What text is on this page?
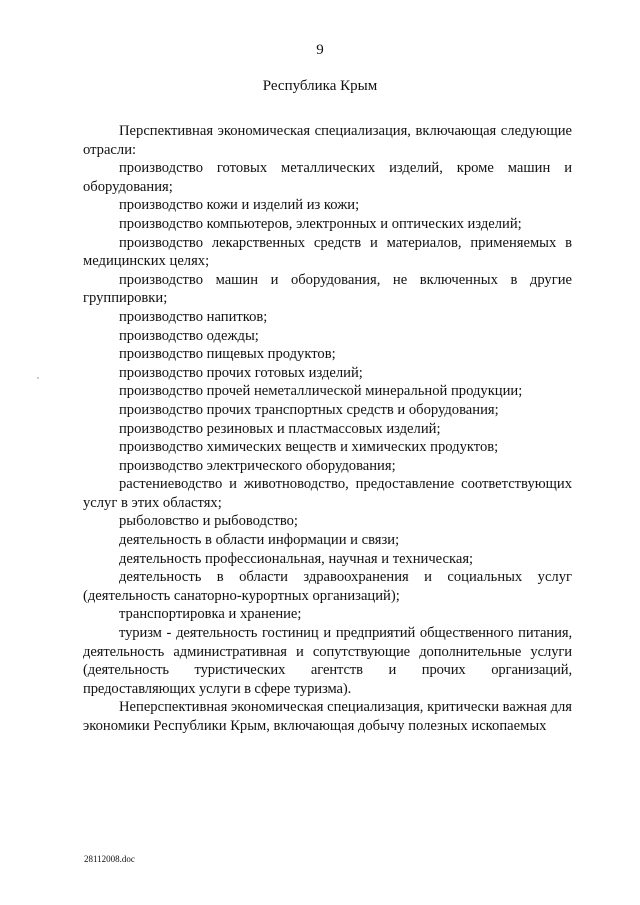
9
Республика Крым

Перспективная экономическая специализация, включающая следующие отрасли:

производство готовых металлических изделий, кроме машин и оборудования;

производство кожи и изделий из кожи;

производство компьютеров, электронных и оптических изделий;

производство лекарственных средств и материалов, применяемых в медицинских целях;

производство машин и оборудования, не включенных в другие группировки;

производство напитков;

производство одежды;

производство пищевых продуктов;

производство прочих готовых изделий;

производство прочей неметаллической минеральной продукции;

производство прочих транспортных средств и оборудования;

производство резиновых и пластмассовых изделий;

производство химических веществ и химических продуктов;

производство электрического оборудования;

растениеводство и животноводство, предоставление соответствующих услуг в этих областях;

рыболовство и рыбоводство;

деятельность в области информации и связи;

деятельность профессиональная, научная и техническая;

деятельность в области здравоохранения и социальных услуг (деятельность санаторно-курортных организаций);

транспортировка и хранение;

туризм - деятельность гостиниц и предприятий общественного питания, деятельность административная и сопутствующие дополнительные услуги (деятельность туристических агентств и прочих организаций, предоставляющих услуги в сфере туризма).

Неперспективная экономическая специализация, критически важная для экономики Республики Крым, включающая добычу полезных ископаемых

28112008.doc
